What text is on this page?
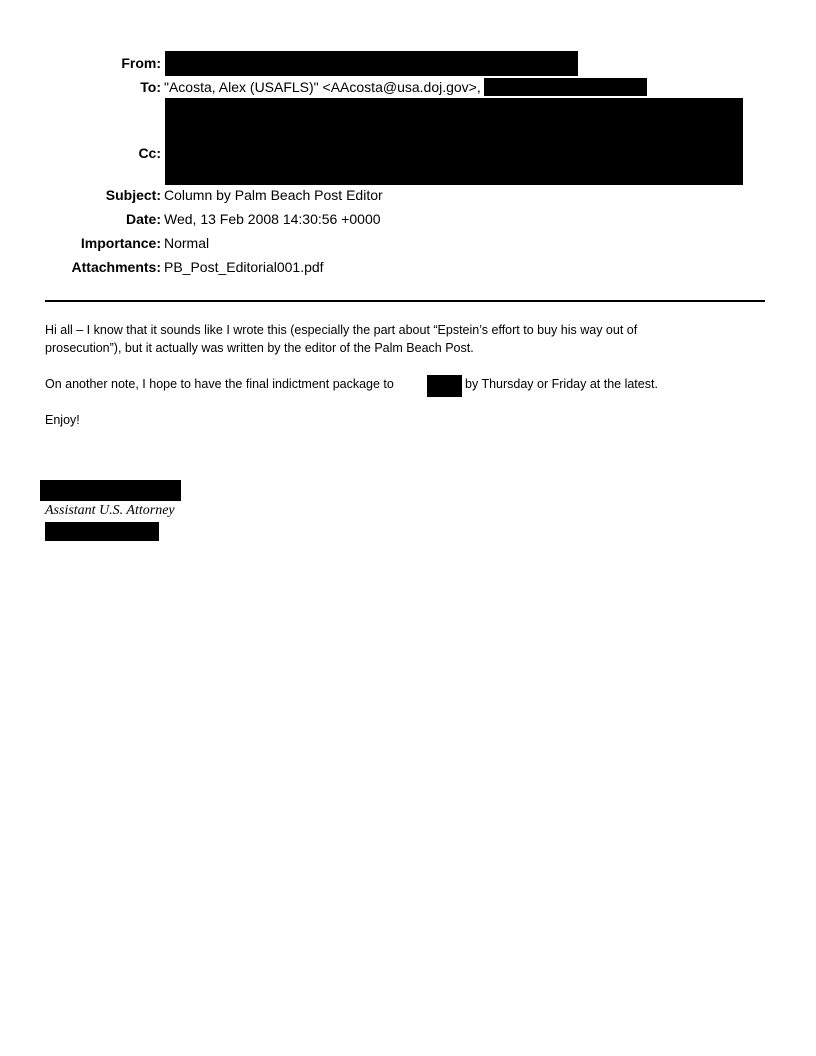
From:
To: "Acosta, Alex (USAFLS)" <AAcosta@usa.doj.gov>,
Cc:
Subject: Column by Palm Beach Post Editor
Date: Wed, 13 Feb 2008 14:30:56 +0000
Importance: Normal
Attachments: PB_Post_Editorial001.pdf
Hi all – I know that it sounds like I wrote this (especially the part about “Epstein’s effort to buy his way out of
prosecution”), but it actually was written by the editor of the Palm Beach Post.
On another note, I hope to have the final indictment package to	by Thursday or Friday at the latest.
Enjoy!
Assistant U.S. Attorney
